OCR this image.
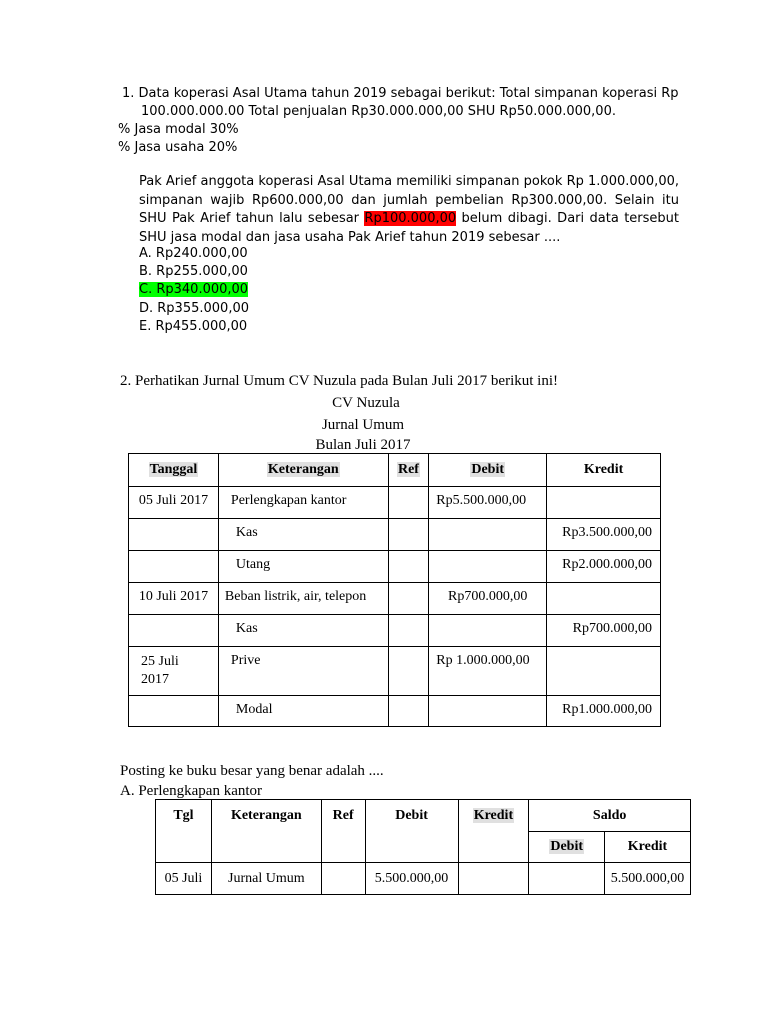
1. Data koperasi Asal Utama tahun 2019 sebagai berikut: Total simpanan koperasi Rp
100.000.000.00 Total penjualan Rp30.000.000,00 SHU Rp50.000.000,00.
% Jasa modal 30%
% Jasa usaha 20%
Pak Arief anggota koperasi Asal Utama memiliki simpanan pokok Rp 1.000.000,00, simpanan wajib Rp600.000,00 dan jumlah pembelian Rp300.000,00. Selain itu SHU Pak Arief tahun lalu sebesar Rp100.000,00 belum dibagi. Dari data tersebut SHU jasa modal dan jasa usaha Pak Arief tahun 2019 sebesar ....
A. Rp240.000,00
B. Rp255.000,00
C. Rp340.000,00
D. Rp355.000,00
E. Rp455.000,00
2. Perhatikan Jurnal Umum CV Nuzula pada Bulan Juli 2017 berikut ini!
CV Nuzula
Jurnal Umum
Bulan Juli 2017
Tanggal	Keterangan	Ref	Debit	Kredit

05 Juli 2017	Perlengkapan kantor		Rp5.500.000,00	

	Kas			Rp3.500.000,00

	Utang			Rp2.000.000,00

10 Juli 2017	Beban listrik, air, telepon		Rp700.000,00	

	Kas			Rp700.000,00

25 Juli
2017	Prive		Rp 1.000.000,00	

	Modal			Rp1.000.000,00
Posting ke buku besar yang benar adalah ....
A. Perlengkapan kantor
Tgl	Keterangan	Ref	Debit	Kredit	Saldo	
					Debit	Kredit

05 Juli	Jurnal Umum		5.500.000,00			5.500.000,00
